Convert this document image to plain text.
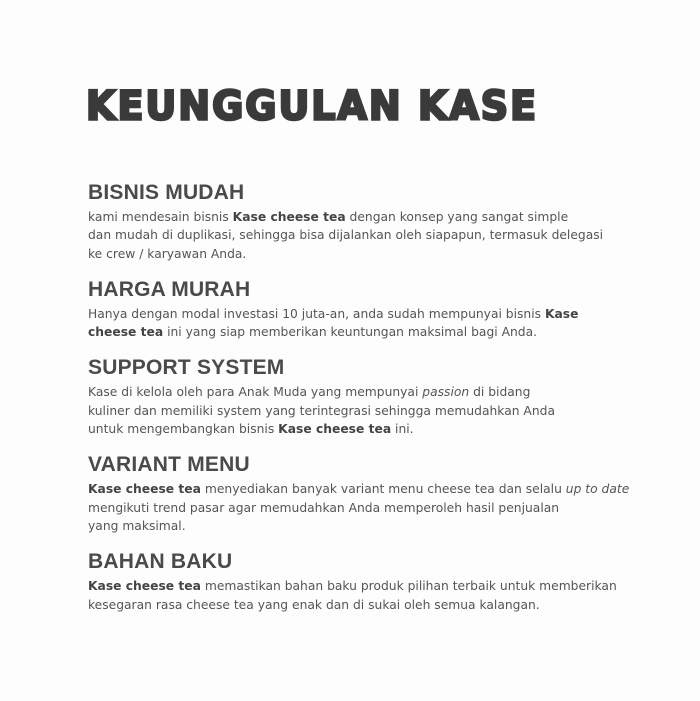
KEUNGGULAN KASE
BISNIS MUDAH
kami mendesain bisnis Kase cheese tea dengan konsep yang sangat simple
dan mudah di duplikasi, sehingga bisa dijalankan oleh siapapun, termasuk delegasi
ke crew / karyawan Anda.
HARGA MURAH
Hanya dengan modal investasi 10 juta-an, anda sudah mempunyai bisnis Kase
cheese tea ini yang siap memberikan keuntungan maksimal bagi Anda.
SUPPORT SYSTEM
Kase di kelola oleh para Anak Muda yang mempunyai passion di bidang
kuliner dan memiliki system yang terintegrasi sehingga memudahkan Anda
untuk mengembangkan bisnis Kase cheese tea ini.
VARIANT MENU
Kase cheese tea menyediakan banyak variant menu cheese tea dan selalu up to date
mengikuti trend pasar agar memudahkan Anda memperoleh hasil penjualan
yang maksimal.
BAHAN BAKU
Kase cheese tea memastikan bahan baku produk pilihan terbaik untuk memberikan
kesegaran rasa cheese tea yang enak dan di sukai oleh semua kalangan.
